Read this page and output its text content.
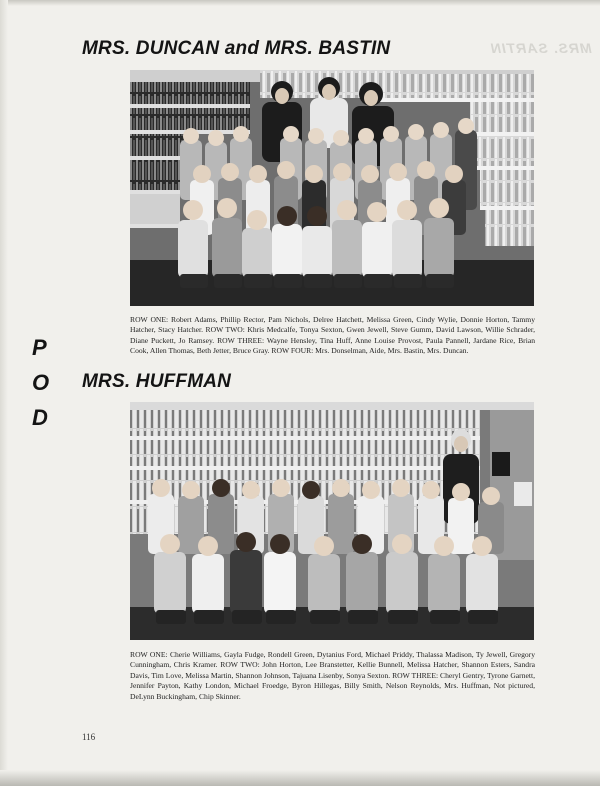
MRS. SARTIN
MRS. DUNCAN and MRS. BASTIN
ROW ONE: Robert Adams, Phillip Rector, Pam Nichols, Delree Hatchett, Melissa Green, Cindy Wylie, Donnie Horton, Tammy Hatcher, Stacy Hatcher. ROW TWO: Khris Medcalfe, Tonya Sexton, Gwen Jewell, Steve Gumm, David Lawson, Willie Schrader, Diane Puckett, Jo Ramsey. ROW THREE: Wayne Hensley, Tina Huff, Anne Louise Provost, Paula Pannell, Jardane Rice, Brian Cook, Allen Thomas, Beth Jetter, Bruce Gray. ROW FOUR: Mrs. Donselman, Aide, Mrs. Bastin, Mrs. Duncan.
P
O
D
MRS. HUFFMAN
ROW ONE: Cherie Williams, Gayla Fudge, Rondell Green, Dytanius Ford, Michael Priddy, Thalassa Madison, Ty Jewell, Gregory Cunningham, Chris Kramer. ROW TWO: John Horton, Lee Branstetter, Kellie Bunnell, Melissa Hatcher, Shannon Esters, Sandra Davis, Tim Love, Melissa Martin, Shannon Johnson, Tajuana Lisenby, Sonya Sexton. ROW THREE: Cheryl Gentry, Tyrone Garnett, Jennifer Payton, Kathy London, Michael Froedge, Byron Hillegas, Billy Smith, Nelson Reynolds, Mrs. Huffman, Not pictured, DeLynn Buckingham, Chip Skinner.
116
